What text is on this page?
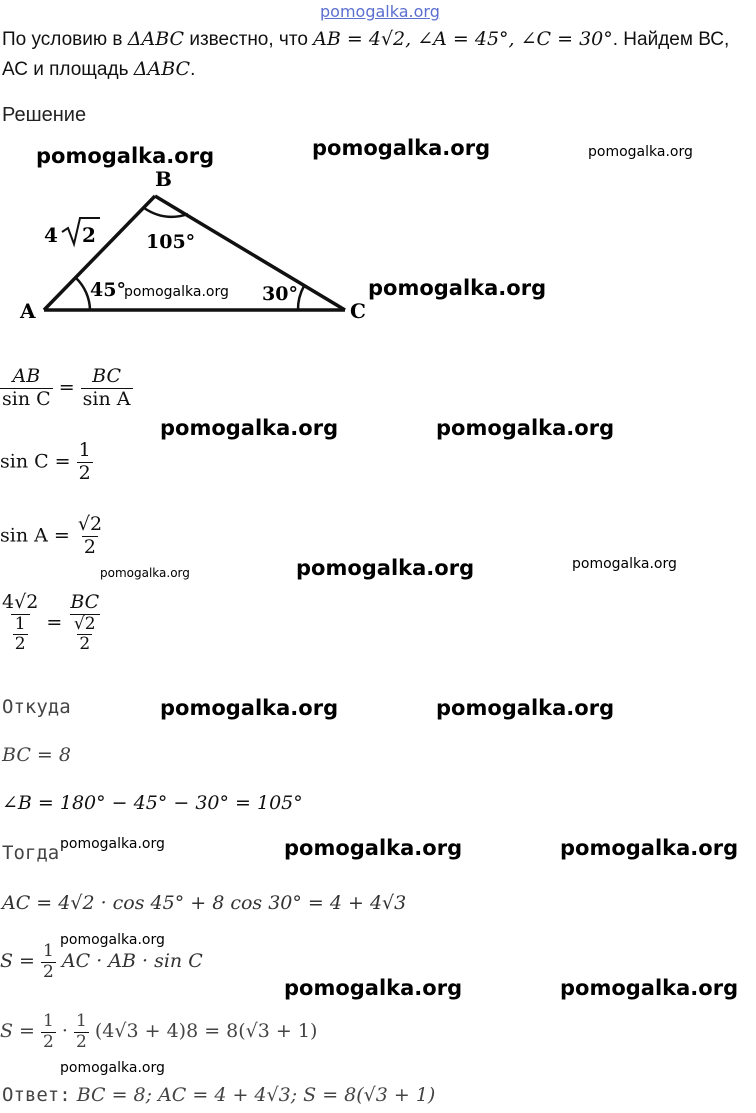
pomogalka.org
По условию в ΔABC известно, что AB = 4√2, ∠A = 45°, ∠C = 30°. Найдем ВС,
АС и площадь ΔABC.
Решение
pomogalka.org	pomogalka.org	pomogalka.org
B
A	C
4 2	105°
45°	30°
pomogalka.org	pomogalka.org
$\frac{AB}{\text{sin C}} = \frac{BC}{\text{sin A}}$
pomogalka.org	pomogalka.org
$\sin C = \frac{1}{2}$
$\sin A = \frac{√2}{2}$
pomogalka.org	pomogalka.org	pomogalka.org
$\frac{4√2}{\frac{1}{2}} = \frac{BC}{\frac{√2}{2}}$
Откуда	pomogalka.org	pomogalka.org
BC = 8
∠B = 180° − 45° − 30° = 105°
Тогда pomogalka.org	pomogalka.org	pomogalka.org
AC = 4√2 · cos 45° + 8 cos 30° = 4 + 4√3
pomogalka.org
$S = \frac{1}{2}$ AC · AB · sin C
pomogalka.org	pomogalka.org
$S = \frac{1}{2} \cdot \frac{1}{2} (4√3 + 4)8 = 8(√3 + 1)$
pomogalka.org
Ответ: BC = 8; AC = 4 + 4√3; S = 8(√3 + 1)
